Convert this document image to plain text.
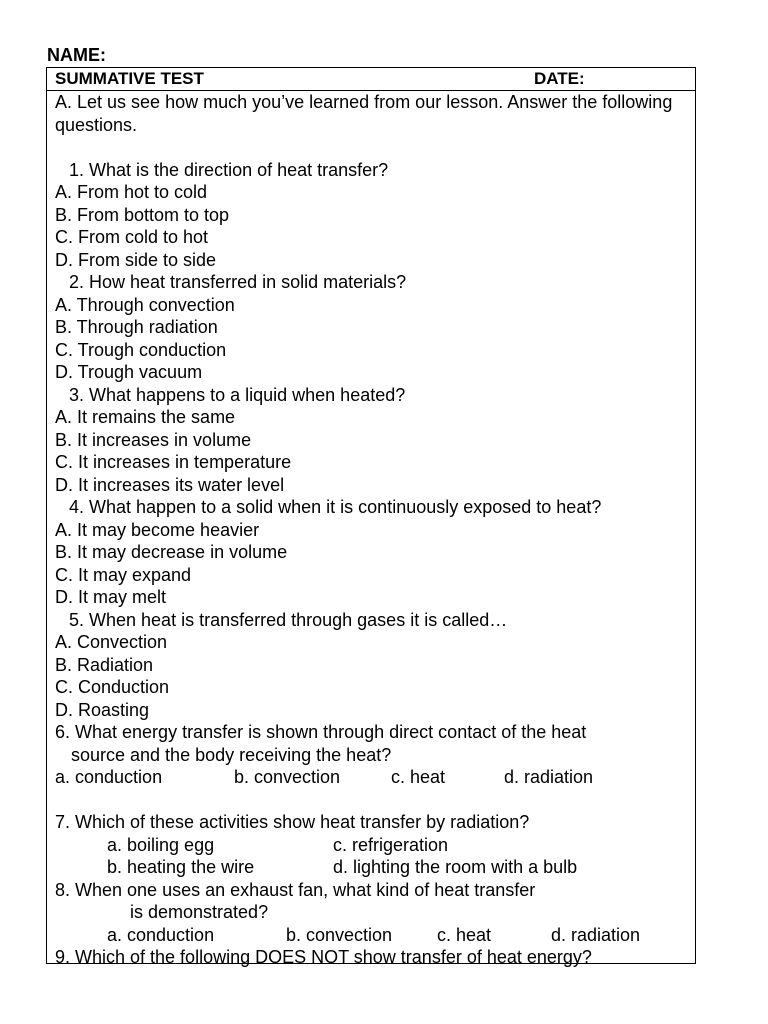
NAME:
SUMMATIVE TEST	DATE:
A. Let us see how much you’ve learned from our lesson. Answer the following questions.
1. What is the direction of heat transfer?
A. From hot to cold
B. From bottom to top
C. From cold to hot
D. From side to side
2. How heat transferred in solid materials?
A. Through convection
B. Through radiation
C. Trough conduction
D. Trough vacuum
3. What happens to a liquid when heated?
A. It remains the same
B. It increases in volume
C. It increases in temperature
D. It increases its water level
4. What happen to a solid when it is continuously exposed to heat?
A. It may become heavier
B. It may decrease in volume
C. It may expand
D. It may melt
5. When heat is transferred through gases it is called…
A. Convection
B. Radiation
C. Conduction
D. Roasting
6. What energy transfer is shown through direct contact of the heat
source and the body receiving the heat?
a. conduction	b. convection	c. heat	d. radiation
7. Which of these activities show heat transfer by radiation?
a. boiling egg	c. refrigeration
b. heating the wire	d. lighting the room with a bulb
8. When one uses an exhaust fan, what kind of heat transfer
is demonstrated?
a. conduction	b. convection c. heat	d. radiation
9. Which of the following DOES NOT show transfer of heat energy?
